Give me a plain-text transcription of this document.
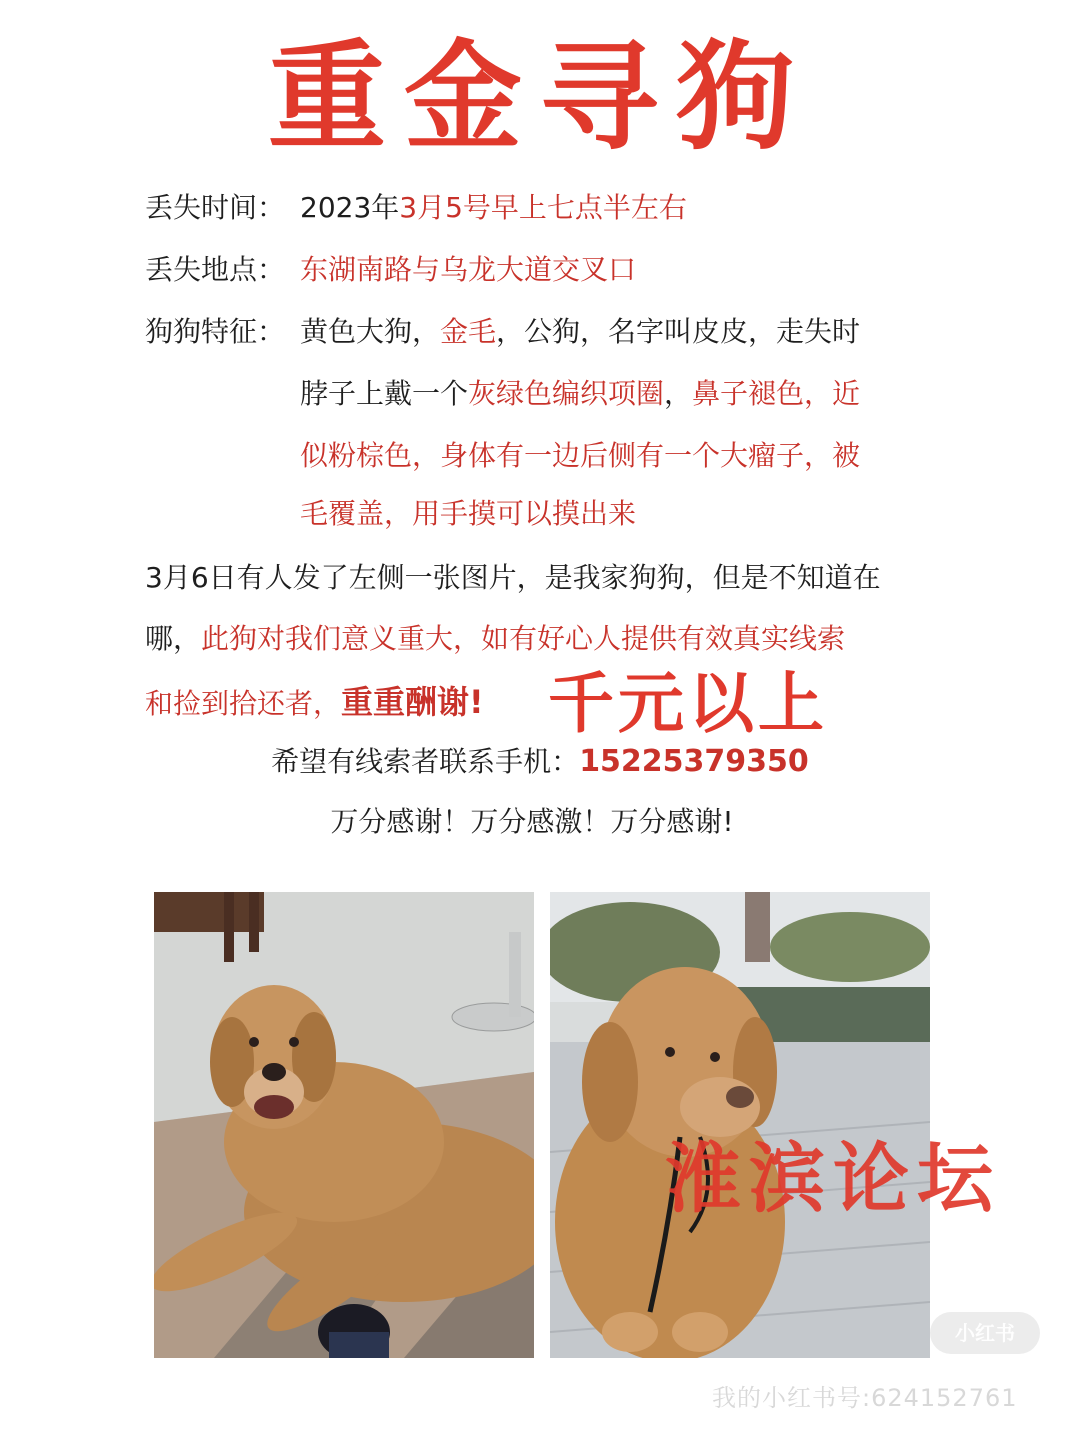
重金寻狗
丢失时间： 2023年3月5号早上七点半左右
丢失地点： 东湖南路与乌龙大道交叉口
狗狗特征： 黄色大狗，金毛，公狗，名字叫皮皮，走失时
脖子上戴一个灰绿色编织项圈，鼻子褪色，近
似粉棕色，身体有一边后侧有一个大瘤子，被
毛覆盖，用手摸可以摸出来
3月6日有人发了左侧一张图片，是我家狗狗，但是不知道在
哪，此狗对我们意义重大，如有好心人提供有效真实线索
和捡到拾还者，重重酬谢! 千元以上
希望有线索者联系手机：15225379350
万分感谢！万分感激！万分感谢!
淮滨论坛
小红书
我的小红书号:624152761
